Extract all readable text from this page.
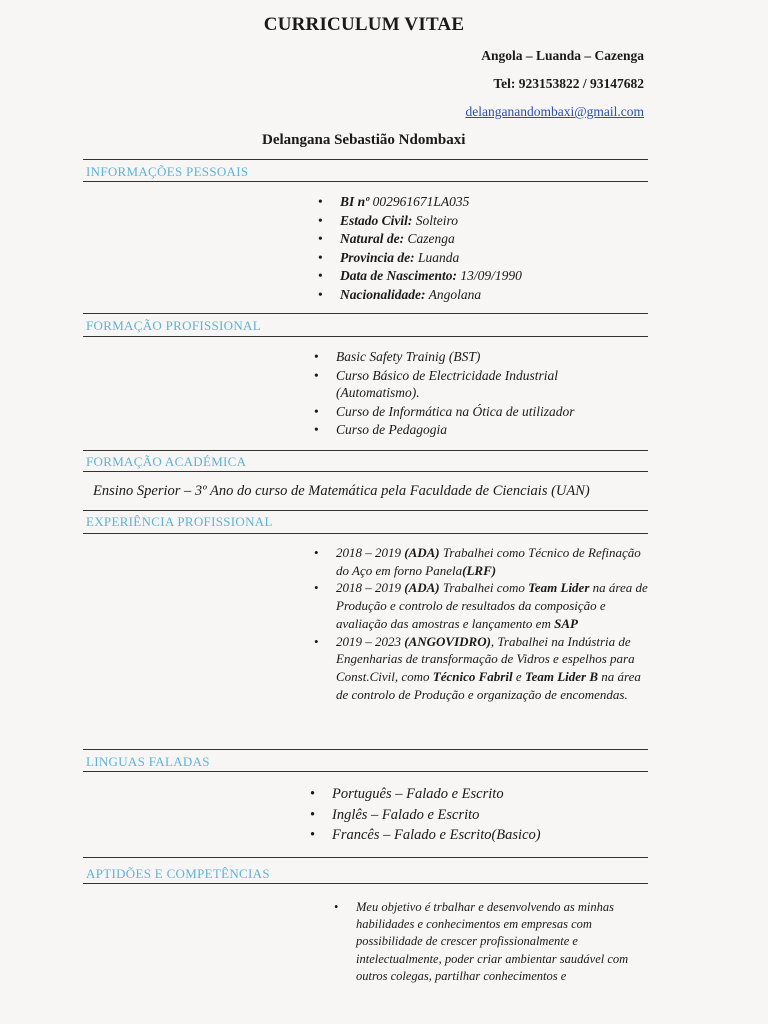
CURRICULUM VITAE
Angola – Luanda – Cazenga
Tel: 923153822 / 93147682
delanganandombaxi@gmail.com
Delangana Sebastião Ndombaxi
INFORMAÇÕES PESSOAIS
• BI nº 002961671LA035
• Estado Civil: Solteiro
• Natural de: Cazenga
• Provincia de: Luanda
• Data de Nascimento: 13/09/1990
• Nacionalidade: Angolana
FORMAÇÃO PROFISSIONAL
• Basic Safety Trainig (BST)
• Curso Básico de Electricidade Industrial (Automatismo).
• Curso de Informática na Ótica de utilizador
• Curso de Pedagogia
FORMAÇÃO ACADÉMICA
Ensino Sperior – 3º Ano do curso de Matemática pela Faculdade de Cienciais (UAN)
EXPERIÊNCIA PROFISSIONAL
• 2018 – 2019 (ADA) Trabalhei como Técnico de Refinação do Aço em forno Panela(LRF)
• 2018 – 2019 (ADA) Trabalhei como Team Lider na área de Produção e controlo de resultados da composição e avaliação das amostras e lançamento em SAP
• 2019 – 2023 (ANGOVIDRO), Trabalhei na Indústria de Engenharias de transformação de Vidros e espelhos para Const.Civil, como Técnico Fabril e Team Lider B na área de controlo de Produção e organização de encomendas.
LINGUAS FALADAS
• Português – Falado e Escrito
• Inglês – Falado e Escrito
• Francês – Falado e Escrito(Basico)
APTIDÕES E COMPETÊNCIAS
• Meu objetivo é trbalhar e desenvolvendo as minhas habilidades e conhecimentos em empresas com possibilidade de crescer profissionalmente e intelectualmente, poder criar ambientar saudável com outros colegas, partilhar conhecimentos e
